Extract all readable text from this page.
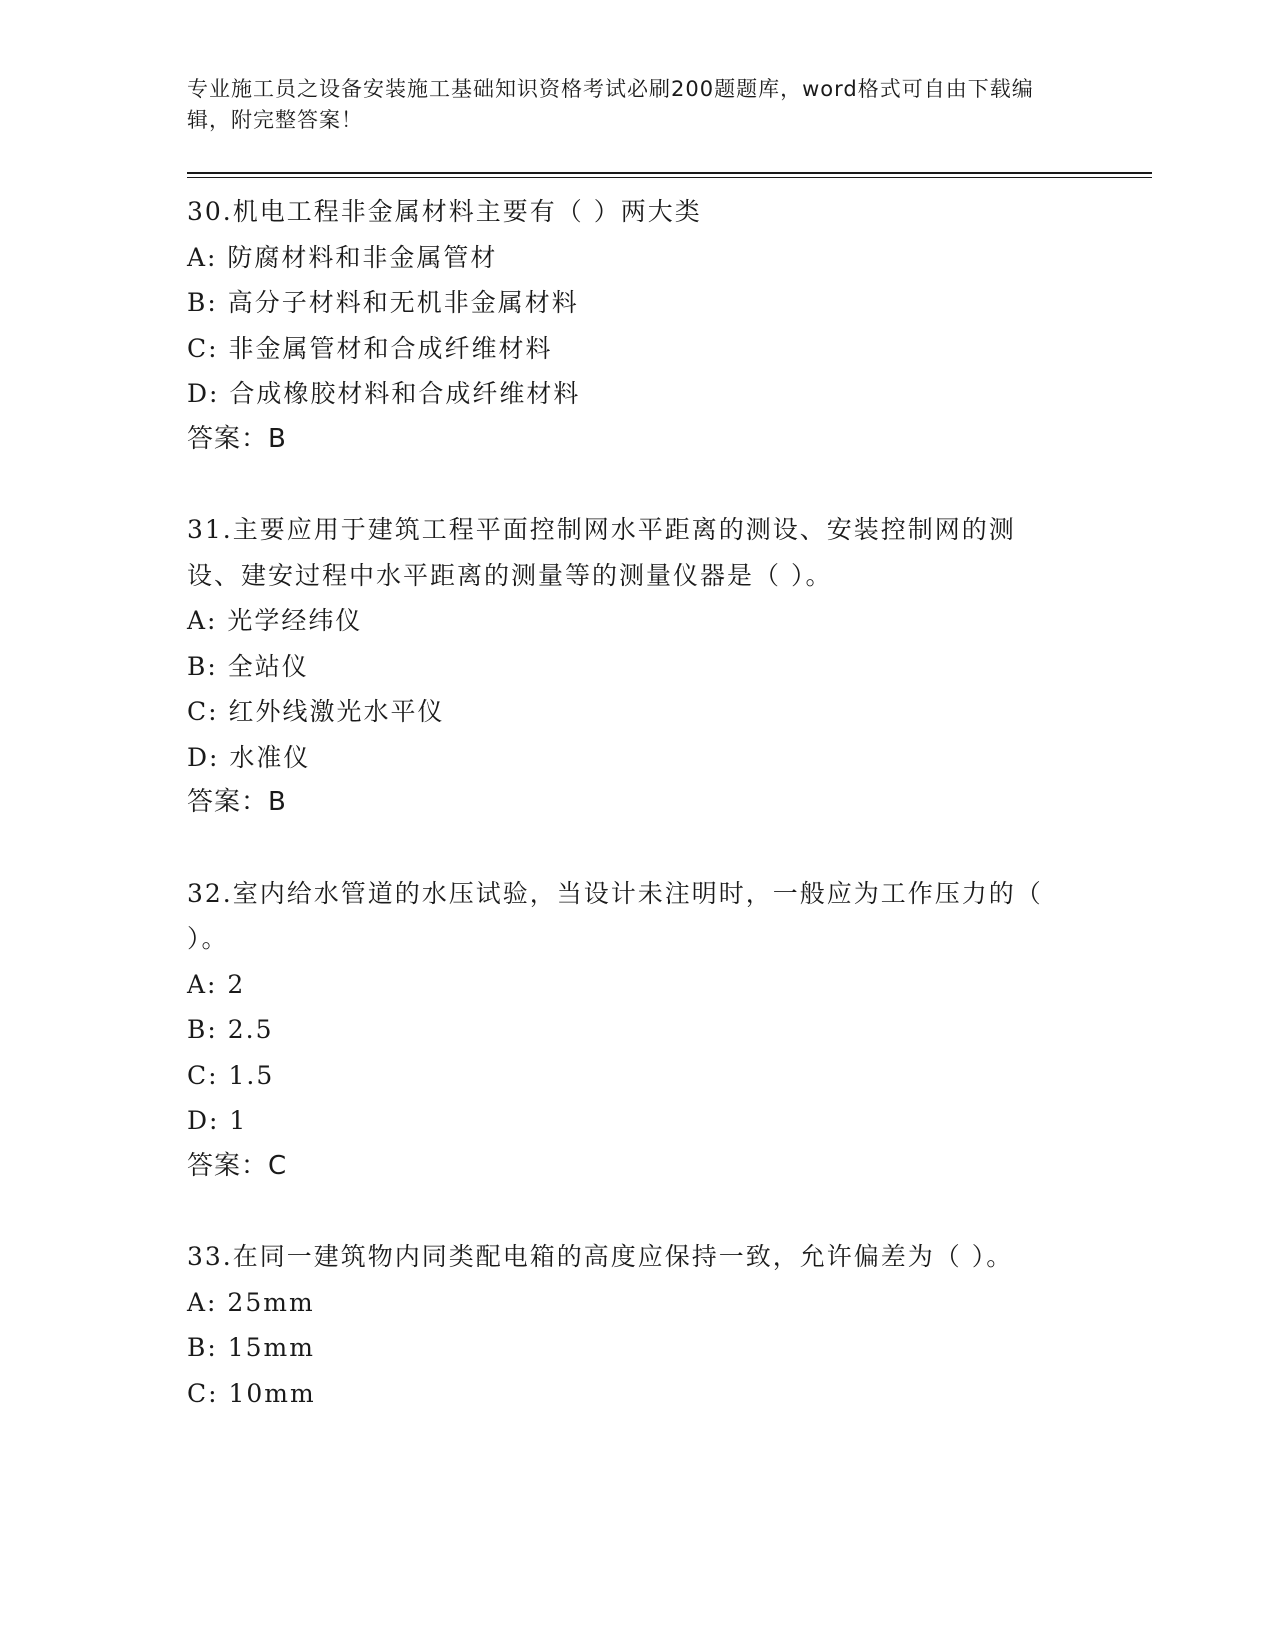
专业施工员之设备安装施工基础知识资格考试必刷200题题库，word格式可自由下载编辑，附完整答案！
30.机电工程非金属材料主要有（ ）两大类
A: 防腐材料和非金属管材
B: 高分子材料和无机非金属材料
C: 非金属管材和合成纤维材料
D: 合成橡胶材料和合成纤维材料
答案：B
31.主要应用于建筑工程平面控制网水平距离的测设、安装控制网的测设、建安过程中水平距离的测量等的测量仪器是（ ）。
A: 光学经纬仪
B: 全站仪
C: 红外线激光水平仪
D: 水准仪
答案：B
32.室内给水管道的水压试验，当设计未注明时，一般应为工作压力的（ ）。
A: 2
B: 2.5
C: 1.5
D: 1
答案：C
33.在同一建筑物内同类配电箱的高度应保持一致，允许偏差为（ ）。
A: 25mm
B: 15mm
C: 10mm
